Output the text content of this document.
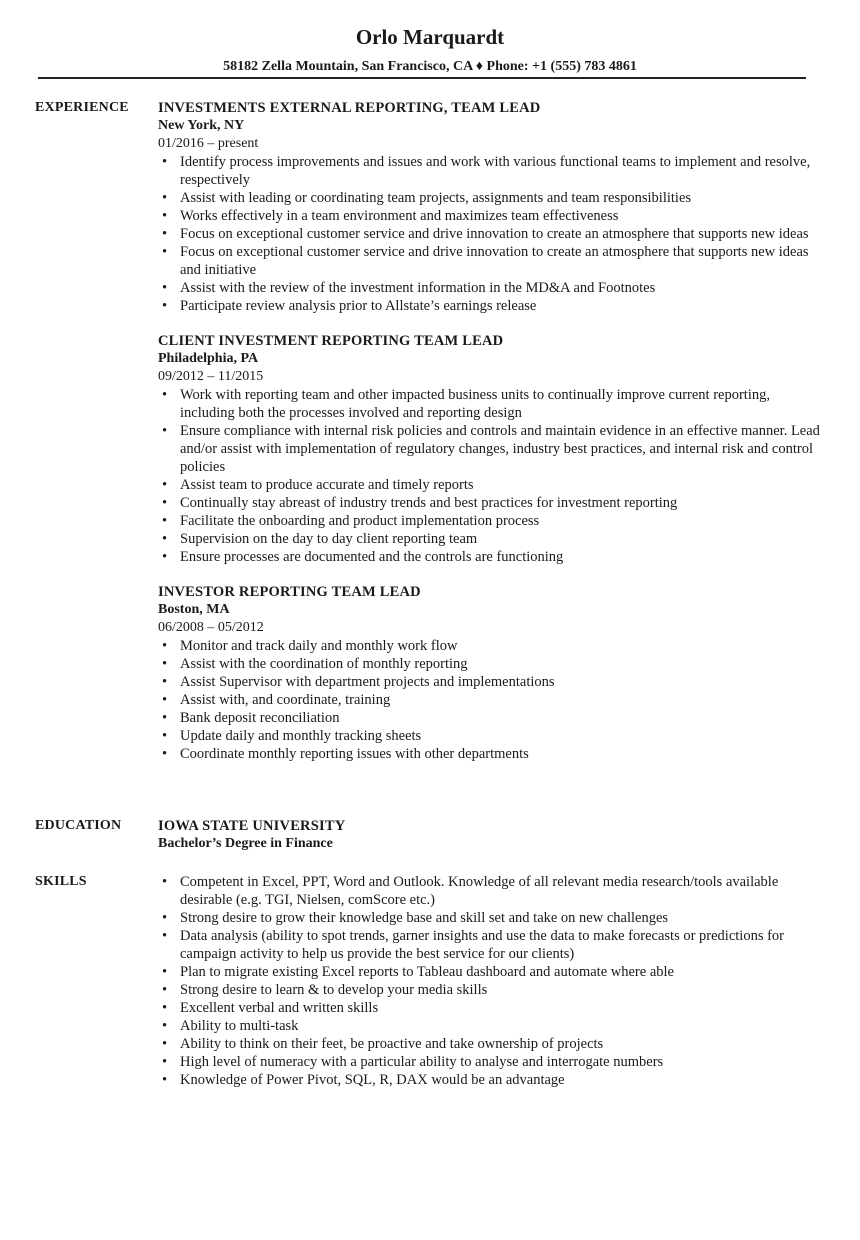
Orlo Marquardt
58182 Zella Mountain, San Francisco, CA ♦ Phone: +1 (555) 783 4861
EXPERIENCE	INVESTMENTS EXTERNAL REPORTING, TEAM LEAD
New York, NY
01/2016 – present
• Identify process improvements and issues and work with various functional teams to implement and resolve, respectively
• Assist with leading or coordinating team projects, assignments and team responsibilities
• Works effectively in a team environment and maximizes team effectiveness
• Focus on exceptional customer service and drive innovation to create an atmosphere that supports new ideas
• Focus on exceptional customer service and drive innovation to create an atmosphere that supports new ideas and initiative
• Assist with the review of the investment information in the MD&A and Footnotes
• Participate review analysis prior to Allstate’s earnings release
CLIENT INVESTMENT REPORTING TEAM LEAD
Philadelphia, PA
09/2012 – 11/2015
• Work with reporting team and other impacted business units to continually improve current reporting, including both the processes involved and reporting design
• Ensure compliance with internal risk policies and controls and maintain evidence in an effective manner. Lead and/or assist with implementation of regulatory changes, industry best practices, and internal risk and control policies
• Assist team to produce accurate and timely reports
• Continually stay abreast of industry trends and best practices for investment reporting
• Facilitate the onboarding and product implementation process
• Supervision on the day to day client reporting team
• Ensure processes are documented and the controls are functioning
INVESTOR REPORTING TEAM LEAD
Boston, MA
06/2008 – 05/2012
• Monitor and track daily and monthly work flow
• Assist with the coordination of monthly reporting
• Assist Supervisor with department projects and implementations
• Assist with, and coordinate, training
• Bank deposit reconciliation
• Update daily and monthly tracking sheets
• Coordinate monthly reporting issues with other departments
EDUCATION	IOWA STATE UNIVERSITY
Bachelor’s Degree in Finance
SKILLS
•	Competent in Excel, PPT, Word and Outlook. Knowledge of all relevant media research/tools available desirable (e.g. TGI, Nielsen, comScore etc.)
• Strong desire to grow their knowledge base and skill set and take on new challenges
• Data analysis (ability to spot trends, garner insights and use the data to make forecasts or predictions for campaign activity to help us provide the best service for our clients)
• Plan to migrate existing Excel reports to Tableau dashboard and automate where able
• Strong desire to learn & to develop your media skills
• Excellent verbal and written skills
• Ability to multi-task
• Ability to think on their feet, be proactive and take ownership of projects
• High level of numeracy with a particular ability to analyse and interrogate numbers
• Knowledge of Power Pivot, SQL, R, DAX would be an advantage
